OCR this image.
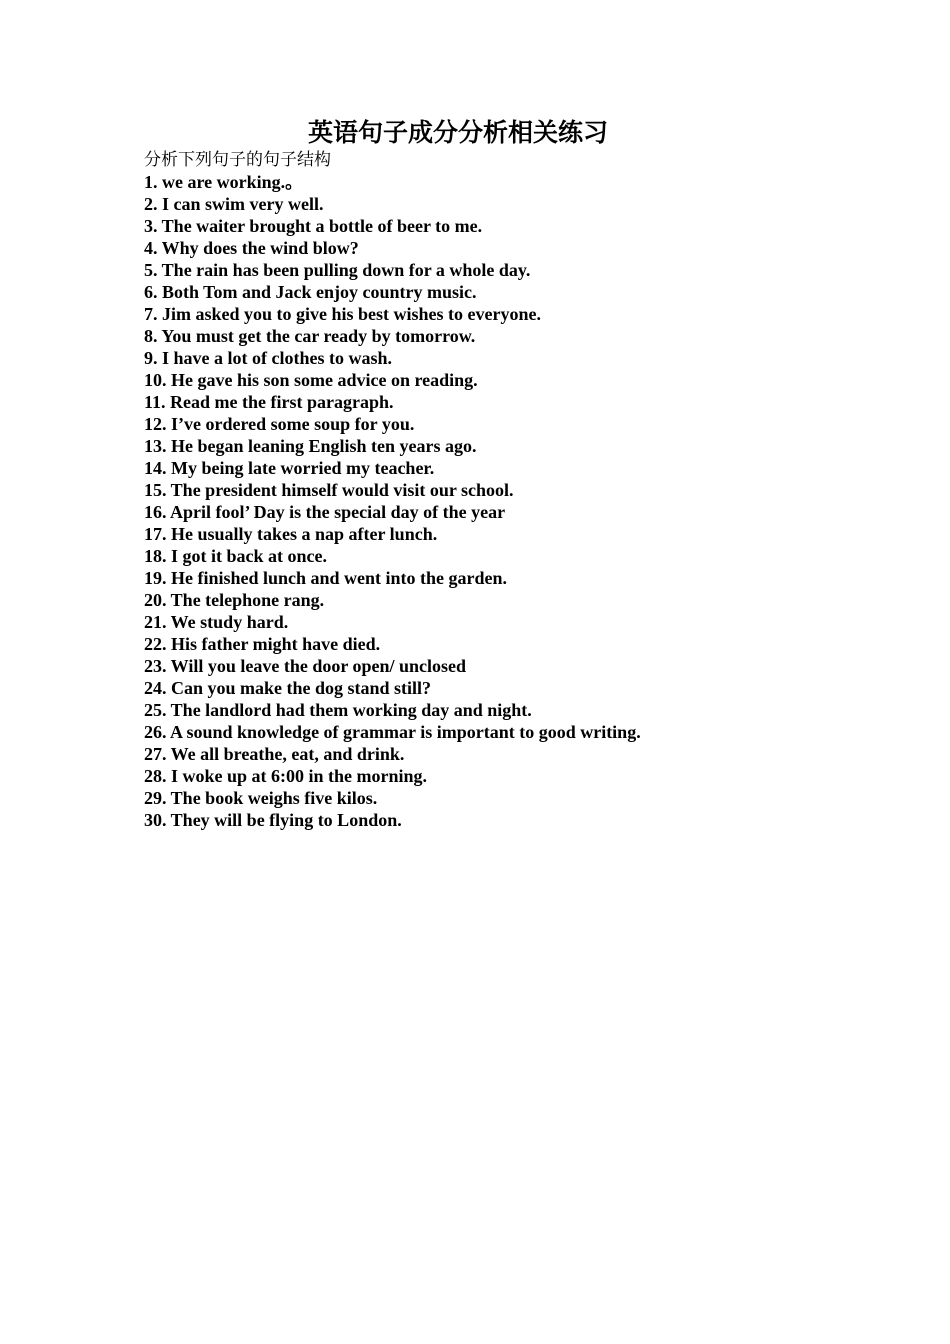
英语句子成分分析相关练习

分析下列句子的句子结构

1. we are working.。
2. I can swim very well.
3. The waiter brought a bottle of beer to me.
4. Why does the wind blow?
5. The rain has been pulling down for a whole day.
6. Both Tom and Jack enjoy country music.
7. Jim asked you to give his best wishes to everyone.
8. You must get the car ready by tomorrow.
9. I have a lot of clothes to wash.
10. He gave his son some advice on reading.
11. Read me the first paragraph.
12. I’ve ordered some soup for you.
13. He began leaning English ten years ago.
14. My being late worried my teacher.
15. The president himself would visit our school.
16. April fool’ Day is the special day of the year
17. He usually takes a nap after lunch.
18. I got it back at once.
19. He finished lunch and went into the garden.
20. The telephone rang.
21. We study hard.
22. His father might have died.
23. Will you leave the door open/ unclosed
24. Can you make the dog stand still?
25. The landlord had them working day and night.
26. A sound knowledge of grammar is important to good writing.
27. We all breathe, eat, and drink.
28. I woke up at 6:00 in the morning.
29. The book weighs five kilos.
30. They will be flying to London.
